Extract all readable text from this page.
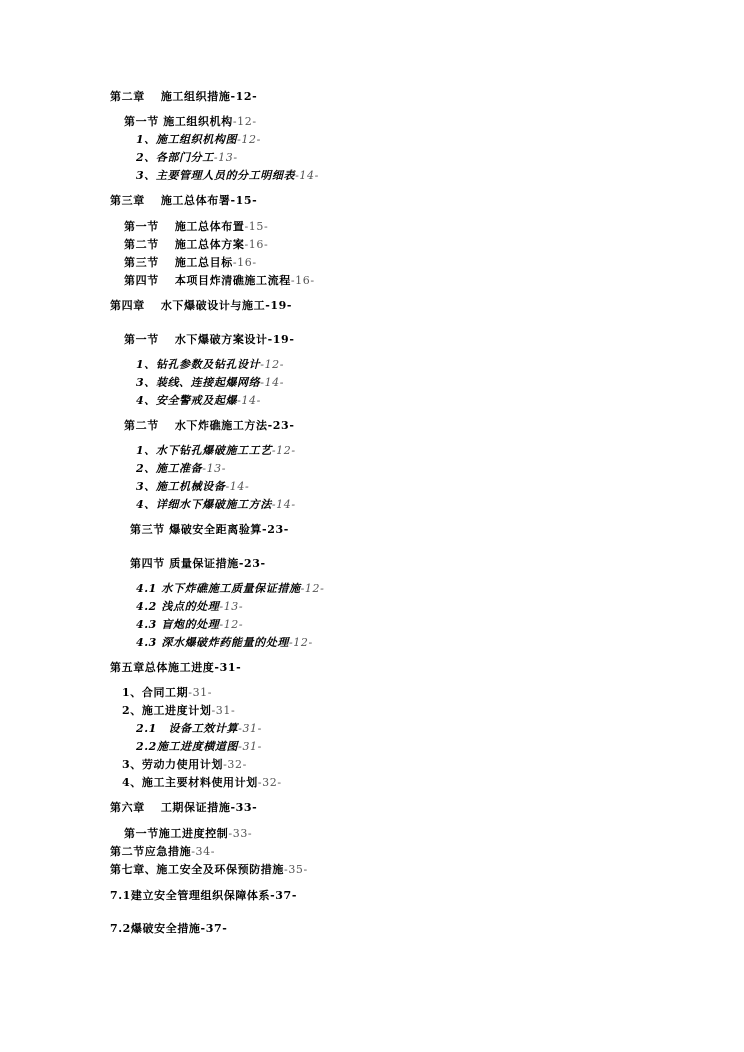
第二章　 施工组织措施-12-
第一节 施工组织机构-12-
1、施工组织机构图-12-
2、各部门分工-13-
3、主要管理人员的分工明细表-14-
第三章　 施工总体布署-15-
第一节　 施工总体布置-15-
第二节　 施工总体方案-16-
第三节　 施工总目标-16-
第四节　 本项目炸清礁施工流程-16-
第四章　 水下爆破设计与施工-19-
第一节　 水下爆破方案设计-19-
1、钻孔参数及钻孔设计-12-
3、装线、连接起爆网络-14-
4、安全警戒及起爆-14-
第二节　 水下炸礁施工方法-23-
1、水下钻孔爆破施工工艺-12-
2、施工准备-13-
3、施工机械设备-14-
4、详细水下爆破施工方法-14-
第三节 爆破安全距离验算-23-
第四节 质量保证措施-23-
4.1 水下炸礁施工质量保证措施-12-
4.2 浅点的处理-13-
4.3 盲炮的处理-12-
4.3 深水爆破炸药能量的处理-12-
第五章总体施工进度-31-
1、合同工期-31-
2、施工进度计划-31-
2.1　设备工效计算-31-
2.2施工进度横道图-31-
3、劳动力使用计划-32-
4、施工主要材料使用计划-32-
第六章　 工期保证措施-33-
第一节施工进度控制-33-
第二节应急措施-34-
第七章、施工安全及环保预防措施-35-
7.1建立安全管理组织保障体系-37-
7.2爆破安全措施-37-
